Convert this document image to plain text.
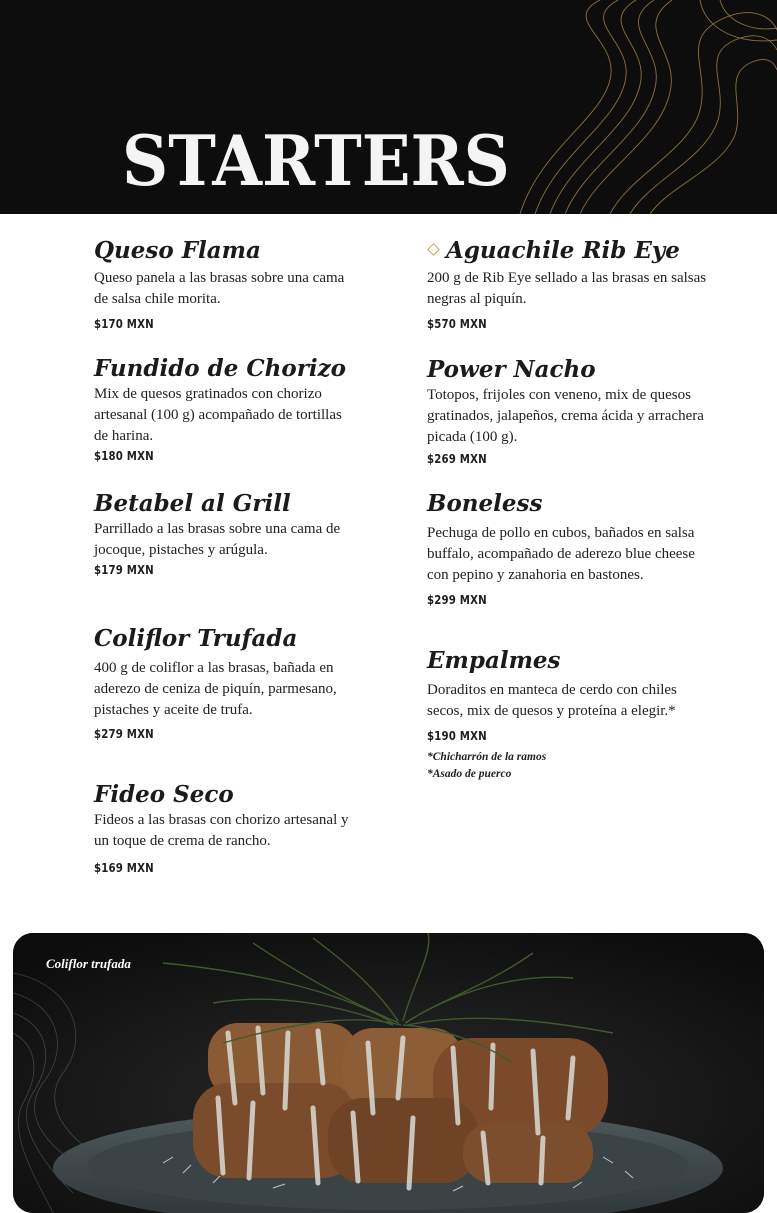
STARTERS
Queso Flama
Queso panela a las brasas sobre una cama de salsa chile morita.
$170 MXN
Fundido de Chorizo
Mix de quesos gratinados con chorizo artesanal (100 g) acompañado de tortillas de harina.
$180 MXN
Betabel al Grill
Parrillado a las brasas sobre una cama de jocoque, pistaches y arúgula.
$179 MXN
Coliflor Trufada
400 g de coliflor a las brasas, bañada en aderezo de ceniza de piquín, parmesano, pistaches y aceite de trufa.
$279 MXN
Fideo Seco
Fideos a las brasas con chorizo artesanal y un toque de crema de rancho.
$169 MXN
Aguachile Rib Eye
200 g de Rib Eye sellado a las brasas en salsas negras al piquín.
$570 MXN
Power Nacho
Totopos, frijoles con veneno, mix de quesos gratinados, jalapeños, crema ácida y arrachera picada (100 g).
$269 MXN
Boneless
Pechuga de pollo en cubos, bañados en salsa buffalo, acompañado de aderezo blue cheese con pepino y zanahoria en bastones.
$299 MXN
Empalmes
Doraditos en manteca de cerdo con chiles secos, mix de quesos y proteína a elegir.*
$190 MXN
*Chicharrón de la ramos
*Asado de puerco
Coliflor trufada
